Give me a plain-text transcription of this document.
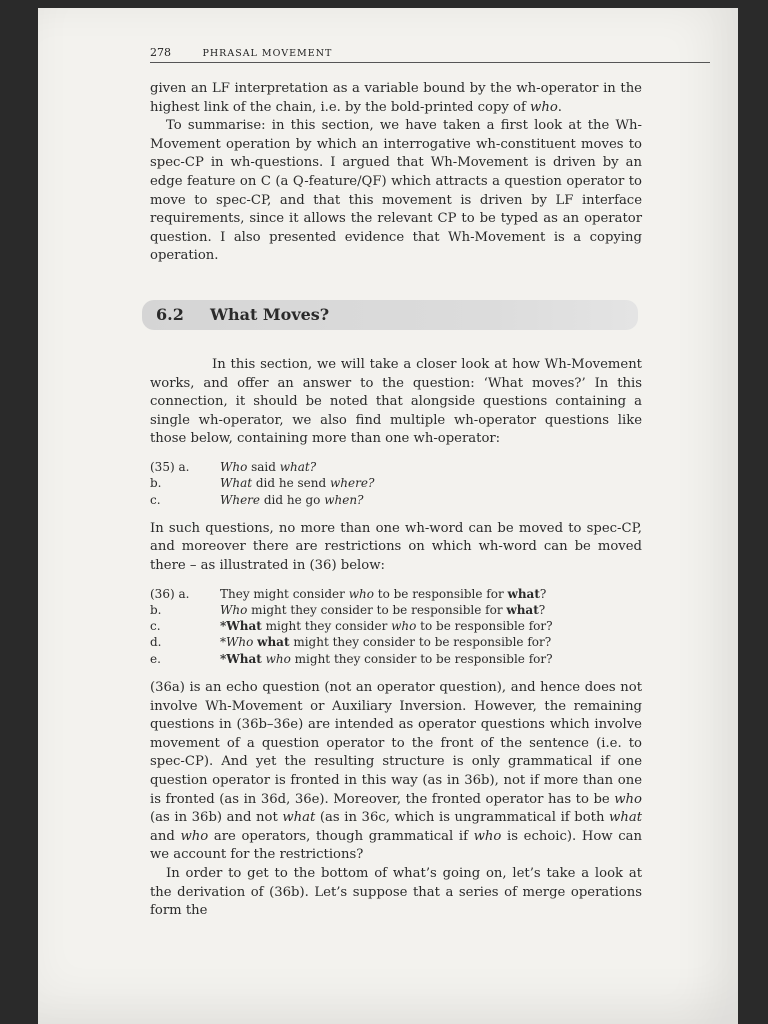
278	PHRASAL MOVEMENT

given an LF interpretation as a variable bound by the wh-operator in the highest link of the chain, i.e. by the bold-printed copy of who.

To summarise: in this section, we have taken a first look at the Wh-Movement operation by which an interrogative wh-constituent moves to spec-CP in wh-questions. I argued that Wh-Movement is driven by an edge feature on C (a Q-feature/QF) which attracts a question operator to move to spec-CP, and that this movement is driven by LF interface requirements, since it allows the relevant CP to be typed as an operator question. I also presented evidence that Wh-Movement is a copying operation.

6.2	What Moves?

In this section, we will take a closer look at how Wh-Movement works, and offer an answer to the question: ‘What moves?’ In this connection, it should be noted that alongside questions containing a single wh-operator, we also find multiple wh-operator questions like those below, containing more than one wh-operator:

(35) a.	Who said what?
b.	What did he send where?
c.	Where did he go when?

In such questions, no more than one wh-word can be moved to spec-CP, and moreover there are restrictions on which wh-word can be moved there – as illustrated in (36) below:

(36) a.	They might consider who to be responsible for what?
b.	Who might they consider to be responsible for what?
c.	*What might they consider who to be responsible for?
d.	*Who what might they consider to be responsible for?
e.	*What who might they consider to be responsible for?

(36a) is an echo question (not an operator question), and hence does not involve Wh-Movement or Auxiliary Inversion. However, the remaining questions in (36b–36e) are intended as operator questions which involve movement of a question operator to the front of the sentence (i.e. to spec-CP). And yet the resulting structure is only grammatical if one question operator is fronted in this way (as in 36b), not if more than one is fronted (as in 36d, 36e). Moreover, the fronted operator has to be who (as in 36b) and not what (as in 36c, which is ungrammatical if both what and who are operators, though grammatical if who is echoic). How can we account for the restrictions?

In order to get to the bottom of what’s going on, let’s take a look at the derivation of (36b). Let’s suppose that a series of merge operations form the
